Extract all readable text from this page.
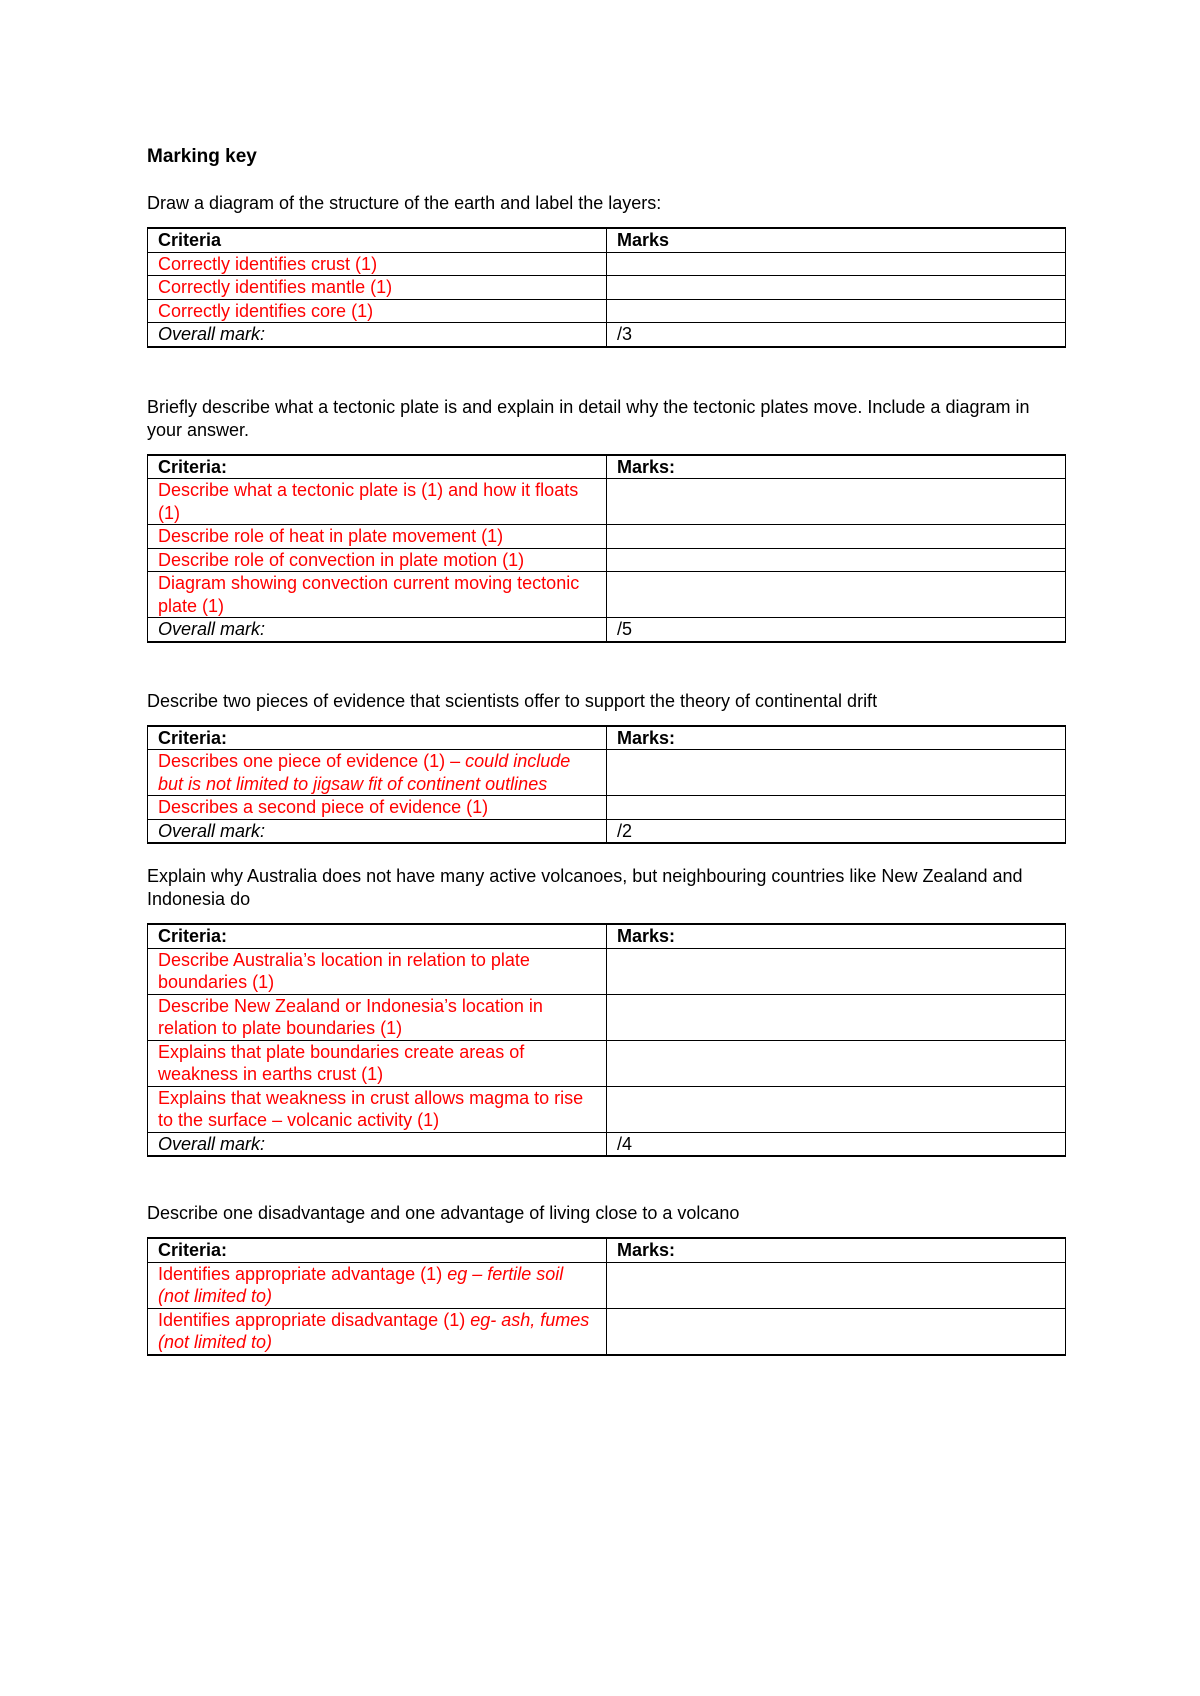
Marking key
Draw a diagram of the structure of the earth and label the layers:
Criteria	Marks
Correctly identifies crust (1)	
Correctly identifies mantle (1)	
Correctly identifies core (1)	
Overall mark:	/3
Briefly describe what a tectonic plate is and explain in detail why the tectonic plates move. Include a diagram in your answer.
Criteria:	Marks:
Describe what a tectonic plate is (1) and how it floats (1)	
Describe role of heat in plate movement (1)	
Describe role of convection in plate motion (1)	
Diagram showing convection current moving tectonic plate (1)	
Overall mark:	/5
Describe two pieces of evidence that scientists offer to support the theory of continental drift
Criteria:	Marks:
Describes one piece of evidence (1) – could include but is not limited to jigsaw fit of continent outlines	
Describes a second piece of evidence (1)	
Overall mark:	/2
Explain why Australia does not have many active volcanoes, but neighbouring countries like New Zealand and Indonesia do
Criteria:	Marks:
Describe Australia’s location in relation to plate boundaries (1)	
Describe New Zealand or Indonesia’s location in relation to plate boundaries (1)	
Explains that plate boundaries create areas of weakness in earths crust (1)	
Explains that weakness in crust allows magma to rise to the surface – volcanic activity (1)	
Overall mark:	/4
Describe one disadvantage and one advantage of living close to a volcano
Criteria:	Marks:
Identifies appropriate advantage (1) eg – fertile soil (not limited to)	
Identifies appropriate disadvantage (1) eg- ash, fumes (not limited to)	
